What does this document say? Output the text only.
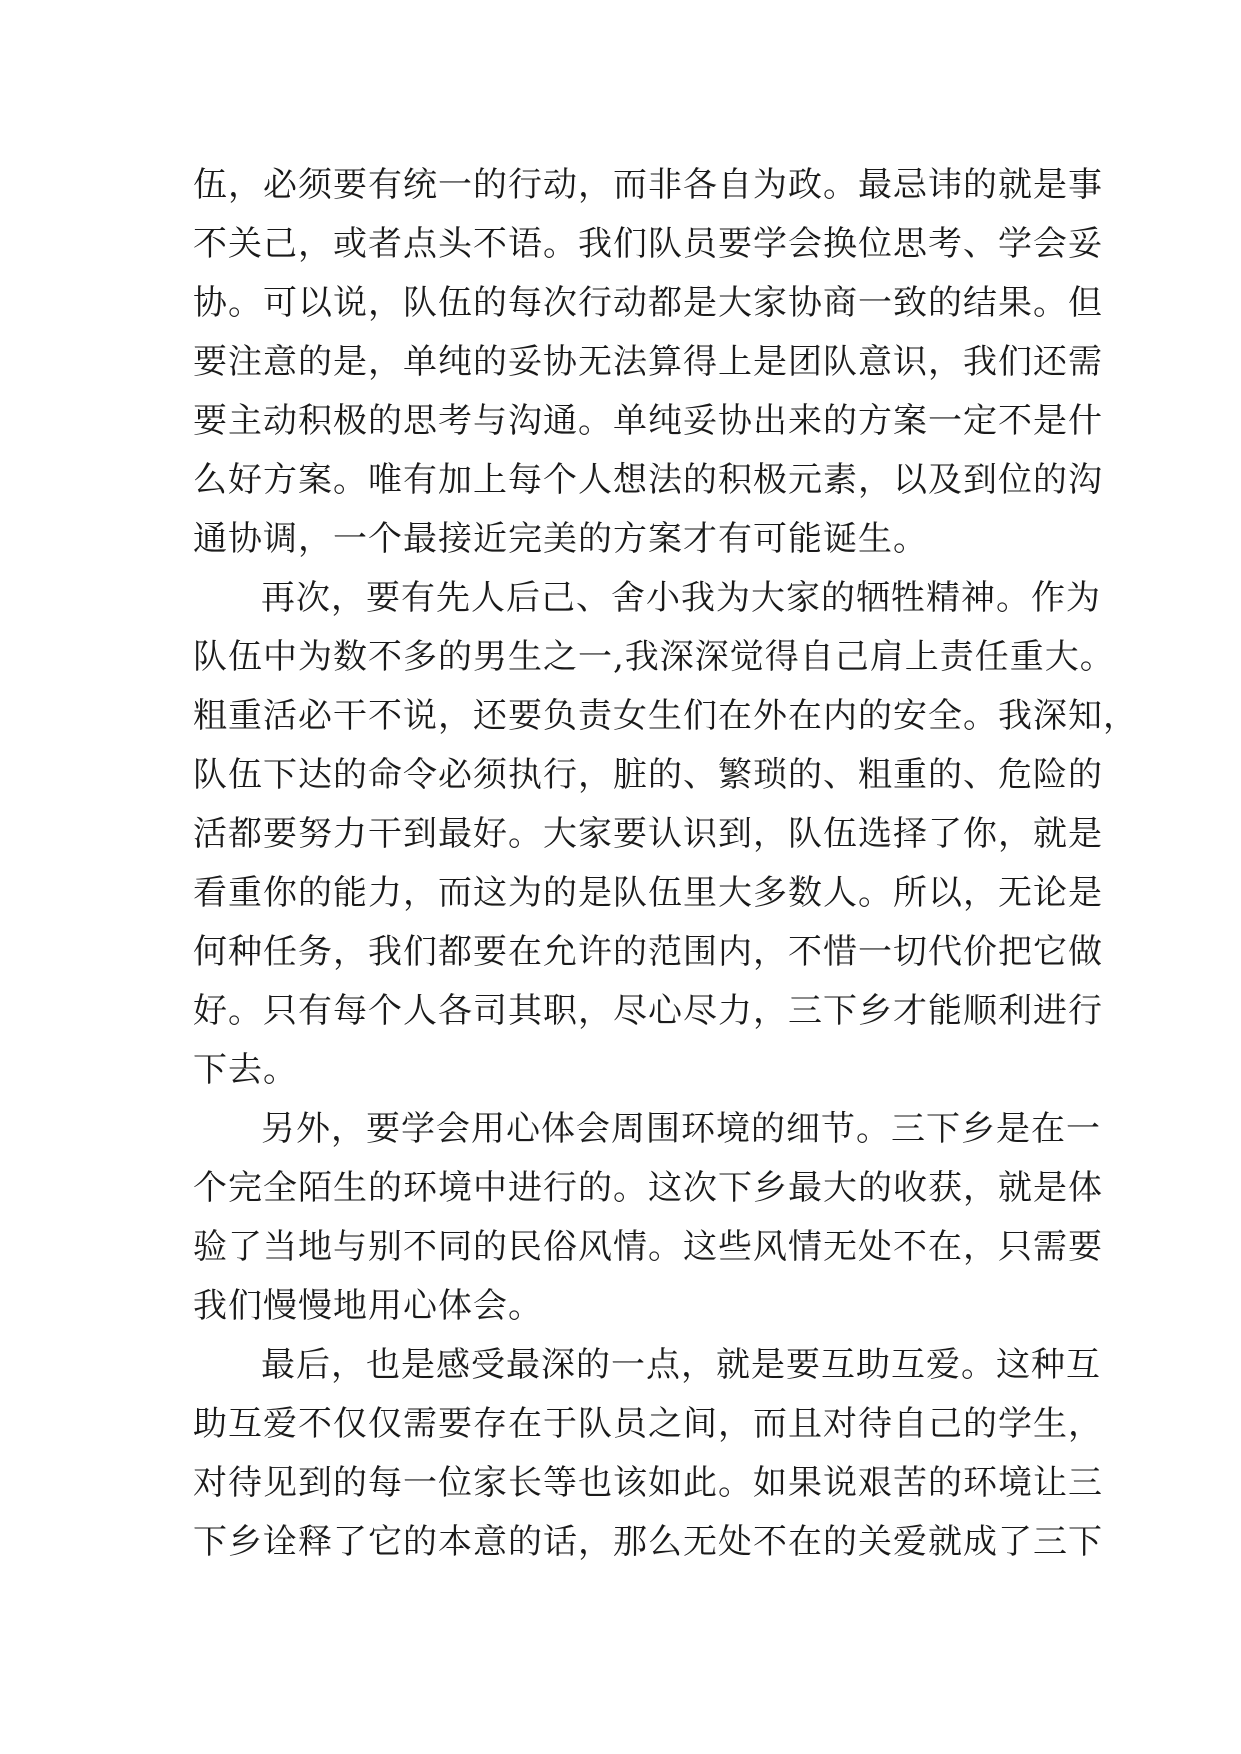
伍，必须要有统一的行动，而非各自为政。最忌讳的就是事
不关己，或者点头不语。我们队员要学会换位思考、学会妥
协。可以说，队伍的每次行动都是大家协商一致的结果。但
要注意的是，单纯的妥协无法算得上是团队意识，我们还需
要主动积极的思考与沟通。单纯妥协出来的方案一定不是什
么好方案。唯有加上每个人想法的积极元素，以及到位的沟
通协调，一个最接近完美的方案才有可能诞生。
再次，要有先人后己、舍小我为大家的牺牲精神。作为
队伍中为数不多的男生之一,我深深觉得自己肩上责任重大。
粗重活必干不说，还要负责女生们在外在内的安全。我深知，
队伍下达的命令必须执行，脏的、繁琐的、粗重的、危险的
活都要努力干到最好。大家要认识到，队伍选择了你，就是
看重你的能力，而这为的是队伍里大多数人。所以，无论是
何种任务，我们都要在允许的范围内，不惜一切代价把它做
好。只有每个人各司其职，尽心尽力，三下乡才能顺利进行
下去。
另外，要学会用心体会周围环境的细节。三下乡是在一
个完全陌生的环境中进行的。这次下乡最大的收获，就是体
验了当地与别不同的民俗风情。这些风情无处不在，只需要
我们慢慢地用心体会。
最后，也是感受最深的一点，就是要互助互爱。这种互
助互爱不仅仅需要存在于队员之间，而且对待自己的学生，
对待见到的每一位家长等也该如此。如果说艰苦的环境让三
下乡诠释了它的本意的话，那么无处不在的关爱就成了三下
